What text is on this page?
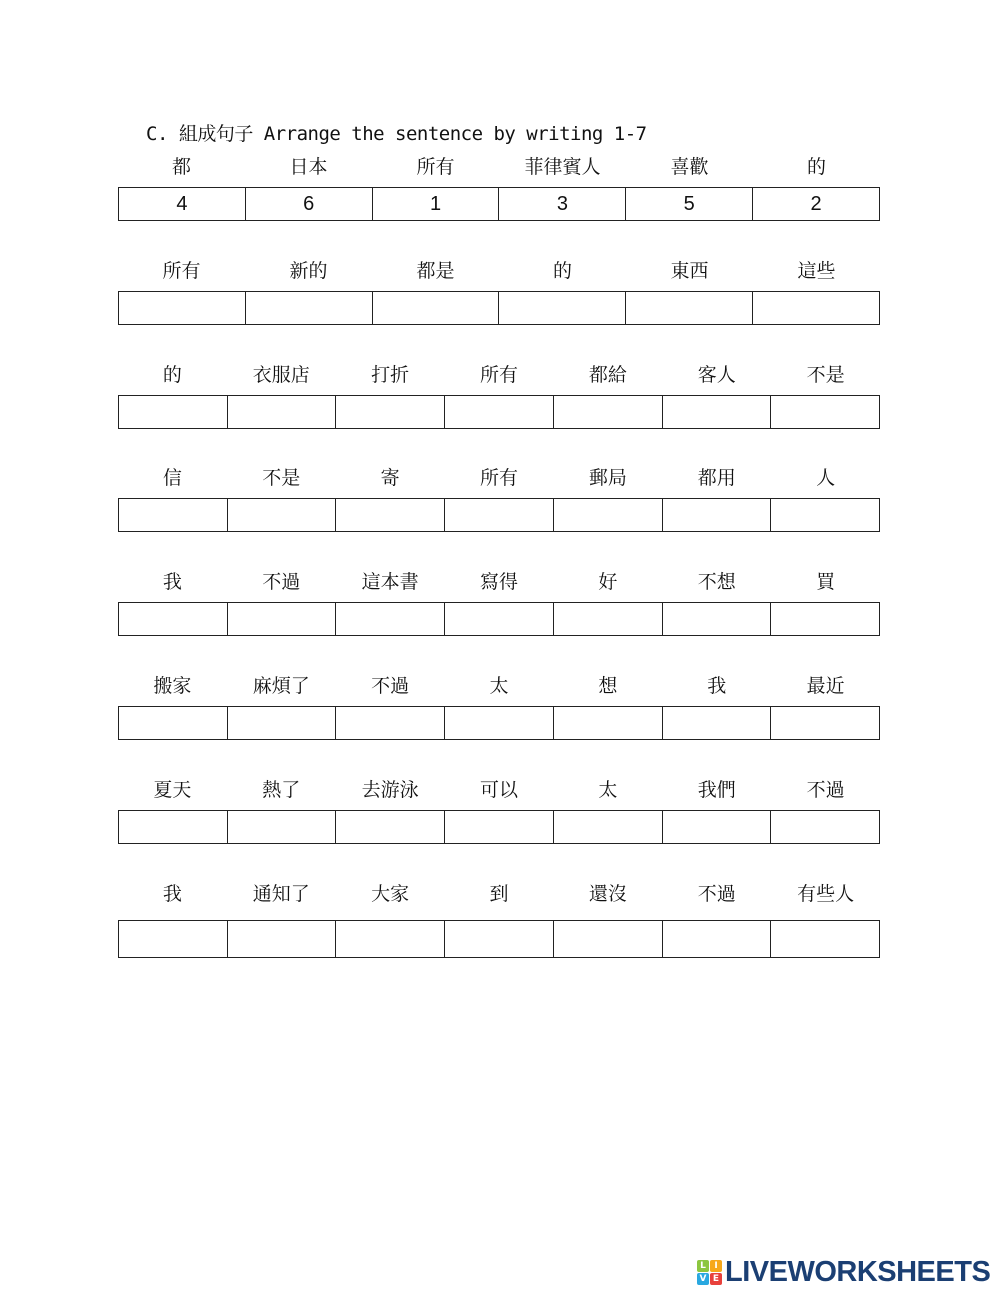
C. 組成句子 Arrange the sentence by writing 1-7
都	日本	所有	菲律賓人	喜歡	的
4	6	1	3	5	2
所有	新的	都是	的	東西	這些
的	衣服店	打折	所有	都給	客人	不是
信	不是	寄	所有	郵局	都用	人
我	不過	這本書	寫得	好	不想	買
搬家	麻煩了	不過	太	想	我	最近
夏天	熱了	去游泳	可以	太	我們	不過
我	通知了	大家	到	還沒	不過	有些人
L I
V E LIVEWORKSHEETS
